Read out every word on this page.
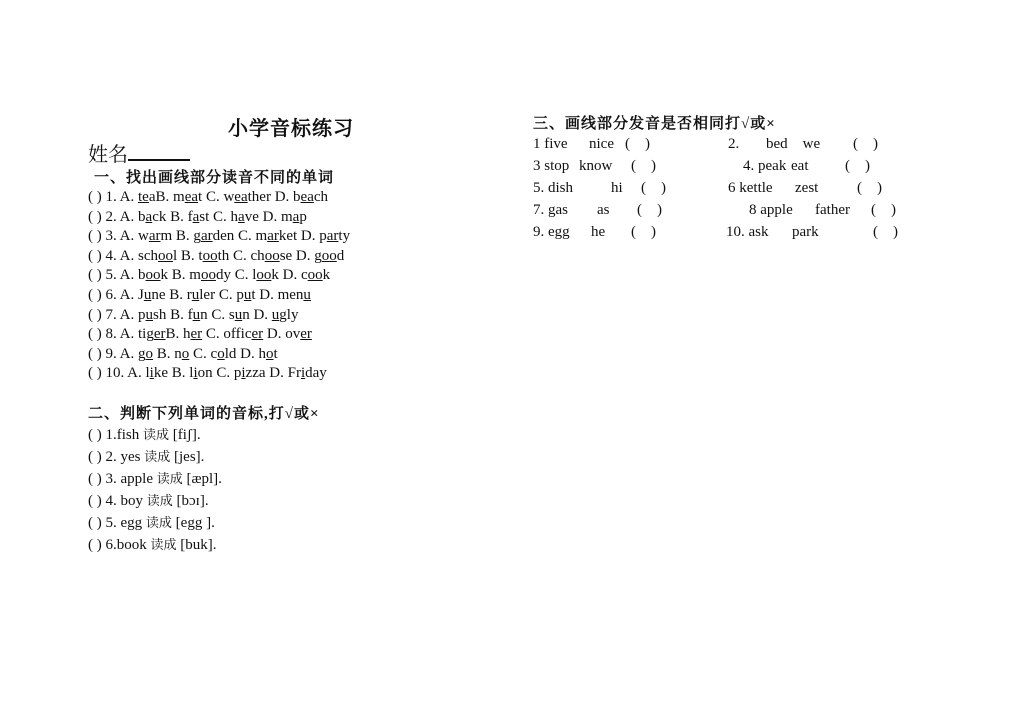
小学音标练习
姓名
一、找出画线部分读音不同的单词
( ) 1. A. teaB. meat C. weather D. beach
( ) 2. A. back B. fast C. have D. map
( ) 3. A. warm B. garden C. market D. party
( ) 4. A. school B. tooth C. choose D. good
( ) 5. A. book B. moody C. look D. cook
( ) 6. A. June B. ruler C. put D. menu
( ) 7. A. push B. fun C. sun D. ugly
( ) 8. A. tigerB. her C. officer D. over
( ) 9. A. go B. no C. cold D. hot
( ) 10. A. like B. lion C. pizza D. Friday
二、判断下列单词的音标,打√或×
( ) 1.fish 读成 [fiʃ].
( ) 2. yes 读成 [jes].
( ) 3. apple 读成 [æpl].
( ) 4. boy 读成 [bɔɪ].
( ) 5. egg 读成 [egg ].
( ) 6.book 读成 [buk].
三、画线部分发音是否相同打√或×
1 five nice (    )	2. bed    we (    )
3 stop know (    )	4. peak eat (    )
5. dish	hi (    )	6 kettle zest	(    )
7. gas as (    )	8 apple father (    )
9. egg he (    )	10. ask park	(    )
